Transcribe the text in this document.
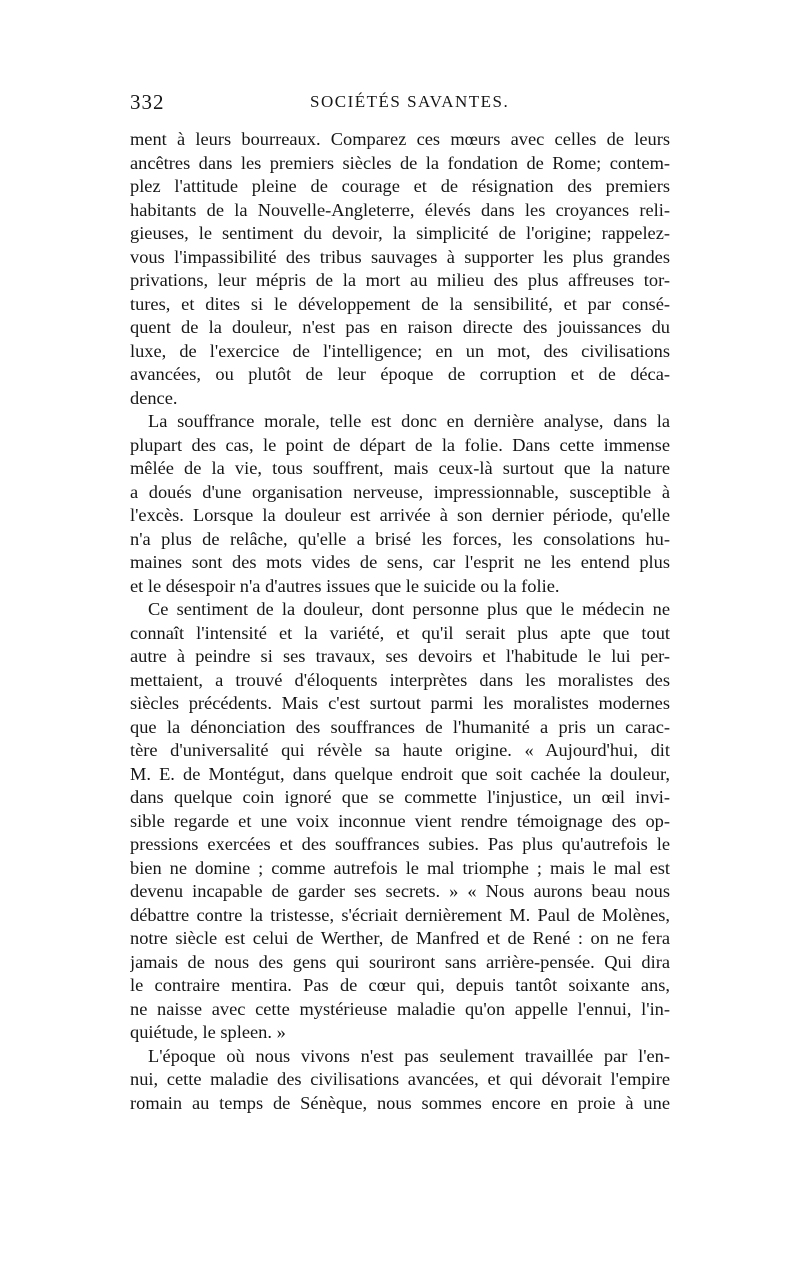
332	SOCIÉTÉS SAVANTES.
ment à leurs bourreaux. Comparez ces mœurs avec celles de leurs
ancêtres dans les premiers siècles de la fondation de Rome; contem-
plez l'attitude pleine de courage et de résignation des premiers
habitants de la Nouvelle-Angleterre, élevés dans les croyances reli-
gieuses, le sentiment du devoir, la simplicité de l'origine; rappelez-
vous l'impassibilité des tribus sauvages à supporter les plus grandes
privations, leur mépris de la mort au milieu des plus affreuses tor-
tures, et dites si le développement de la sensibilité, et par consé-
quent de la douleur, n'est pas en raison directe des jouissances du
luxe, de l'exercice de l'intelligence; en un mot, des civilisations
avancées, ou plutôt de leur époque de corruption et de déca-
dence.
La souffrance morale, telle est donc en dernière analyse, dans la
plupart des cas, le point de départ de la folie. Dans cette immense
mêlée de la vie, tous souffrent, mais ceux-là surtout que la nature
a doués d'une organisation nerveuse, impressionnable, susceptible à
l'excès. Lorsque la douleur est arrivée à son dernier période, qu'elle
n'a plus de relâche, qu'elle a brisé les forces, les consolations hu-
maines sont des mots vides de sens, car l'esprit ne les entend plus
et le désespoir n'a d'autres issues que le suicide ou la folie.
Ce sentiment de la douleur, dont personne plus que le médecin ne
connaît l'intensité et la variété, et qu'il serait plus apte que tout
autre à peindre si ses travaux, ses devoirs et l'habitude le lui per-
mettaient, a trouvé d'éloquents interprètes dans les moralistes des
siècles précédents. Mais c'est surtout parmi les moralistes modernes
que la dénonciation des souffrances de l'humanité a pris un carac-
tère d'universalité qui révèle sa haute origine. « Aujourd'hui, dit
M. E. de Montégut, dans quelque endroit que soit cachée la douleur,
dans quelque coin ignoré que se commette l'injustice, un œil invi-
sible regarde et une voix inconnue vient rendre témoignage des op-
pressions exercées et des souffrances subies. Pas plus qu'autrefois le
bien ne domine ; comme autrefois le mal triomphe ; mais le mal est
devenu incapable de garder ses secrets. » « Nous aurons beau nous
débattre contre la tristesse, s'écriait dernièrement M. Paul de Molènes,
notre siècle est celui de Werther, de Manfred et de René : on ne fera
jamais de nous des gens qui souriront sans arrière-pensée. Qui dira
le contraire mentira. Pas de cœur qui, depuis tantôt soixante ans,
ne naisse avec cette mystérieuse maladie qu'on appelle l'ennui, l'in-
quiétude, le spleen. »
L'époque où nous vivons n'est pas seulement travaillée par l'en-
nui, cette maladie des civilisations avancées, et qui dévorait l'empire
romain au temps de Sénèque, nous sommes encore en proie à une
